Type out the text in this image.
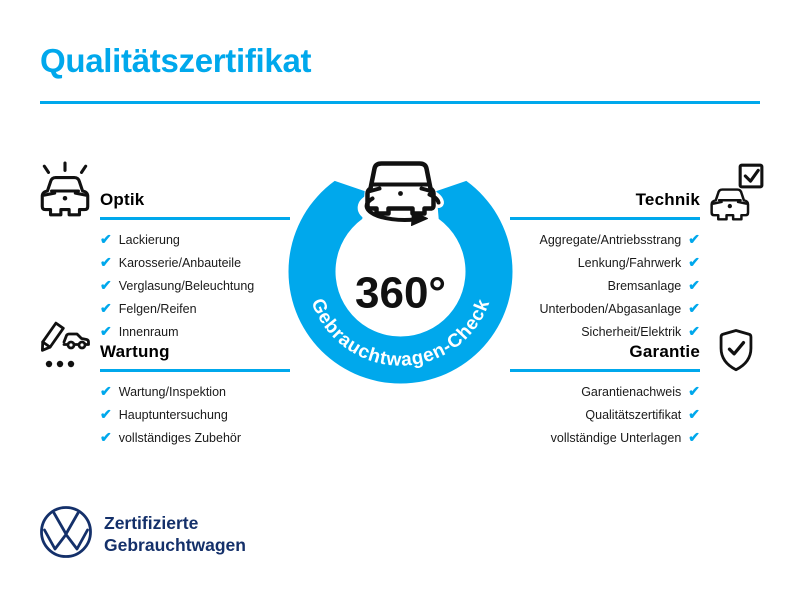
Qualitätszertifikat
Gebrauchtwagen-Check
360°
Optik
✔ Lackierung
✔ Karosserie/Anbauteile
✔ Verglasung/Beleuchtung
✔ Felgen/Reifen
✔ Innenraum
Technik
Aggregate/Antriebsstrang ✔
Lenkung/Fahrwerk ✔
Bremsanlage ✔
Unterboden/Abgasanlage ✔
Sicherheit/Elektrik ✔
Wartung
✔ Wartung/Inspektion
✔ Hauptuntersuchung
✔ vollständiges Zubehör
Garantie
Garantienachweis ✔
Qualitätszertifikat ✔
vollständige Unterlagen ✔
Zertifizierte
Gebrauchtwagen
